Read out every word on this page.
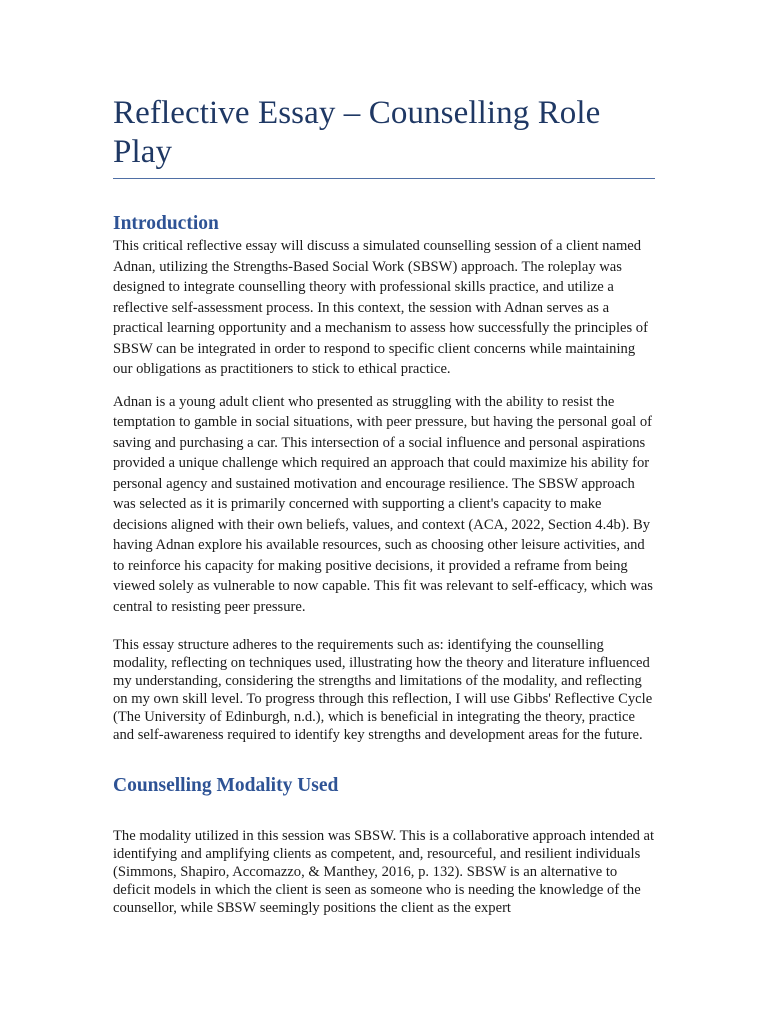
Reflective Essay – Counselling Role Play
Introduction

This critical reflective essay will discuss a simulated counselling session of a client named Adnan, utilizing the Strengths-Based Social Work (SBSW) approach. The roleplay was designed to integrate counselling theory with professional skills practice, and utilize a reflective self-assessment process. In this context, the session with Adnan serves as a practical learning opportunity and a mechanism to assess how successfully the principles of SBSW can be integrated in order to respond to specific client concerns while maintaining our obligations as practitioners to stick to ethical practice.

Adnan is a young adult client who presented as struggling with the ability to resist the temptation to gamble in social situations, with peer pressure, but having the personal goal of saving and purchasing a car. This intersection of a social influence and personal aspirations provided a unique challenge which required an approach that could maximize his ability for personal agency and sustained motivation and encourage resilience. The SBSW approach was selected as it is primarily concerned with supporting a client's capacity to make decisions aligned with their own beliefs, values, and context (ACA, 2022, Section 4.4b). By having Adnan explore his available resources, such as choosing other leisure activities, and to reinforce his capacity for making positive decisions, it provided a reframe from being viewed solely as vulnerable to now capable. This fit was relevant to self-efficacy, which was central to resisting peer pressure.

This essay structure adheres to the requirements such as: identifying the counselling modality, reflecting on techniques used, illustrating how the theory and literature influenced my understanding, considering the strengths and limitations of the modality, and reflecting on my own skill level. To progress through this reflection, I will use Gibbs' Reflective Cycle (The University of Edinburgh, n.d.), which is beneficial in integrating the theory, practice and self-awareness required to identify key strengths and development areas for the future.

Counselling Modality Used

The modality utilized in this session was SBSW. This is a collaborative approach intended at identifying and amplifying clients as competent, and, resourceful, and resilient individuals (Simmons, Shapiro, Accomazzo, & Manthey, 2016, p. 132). SBSW is an alternative to deficit models in which the client is seen as someone who is needing the knowledge of the counsellor, while SBSW seemingly positions the client as the expert
